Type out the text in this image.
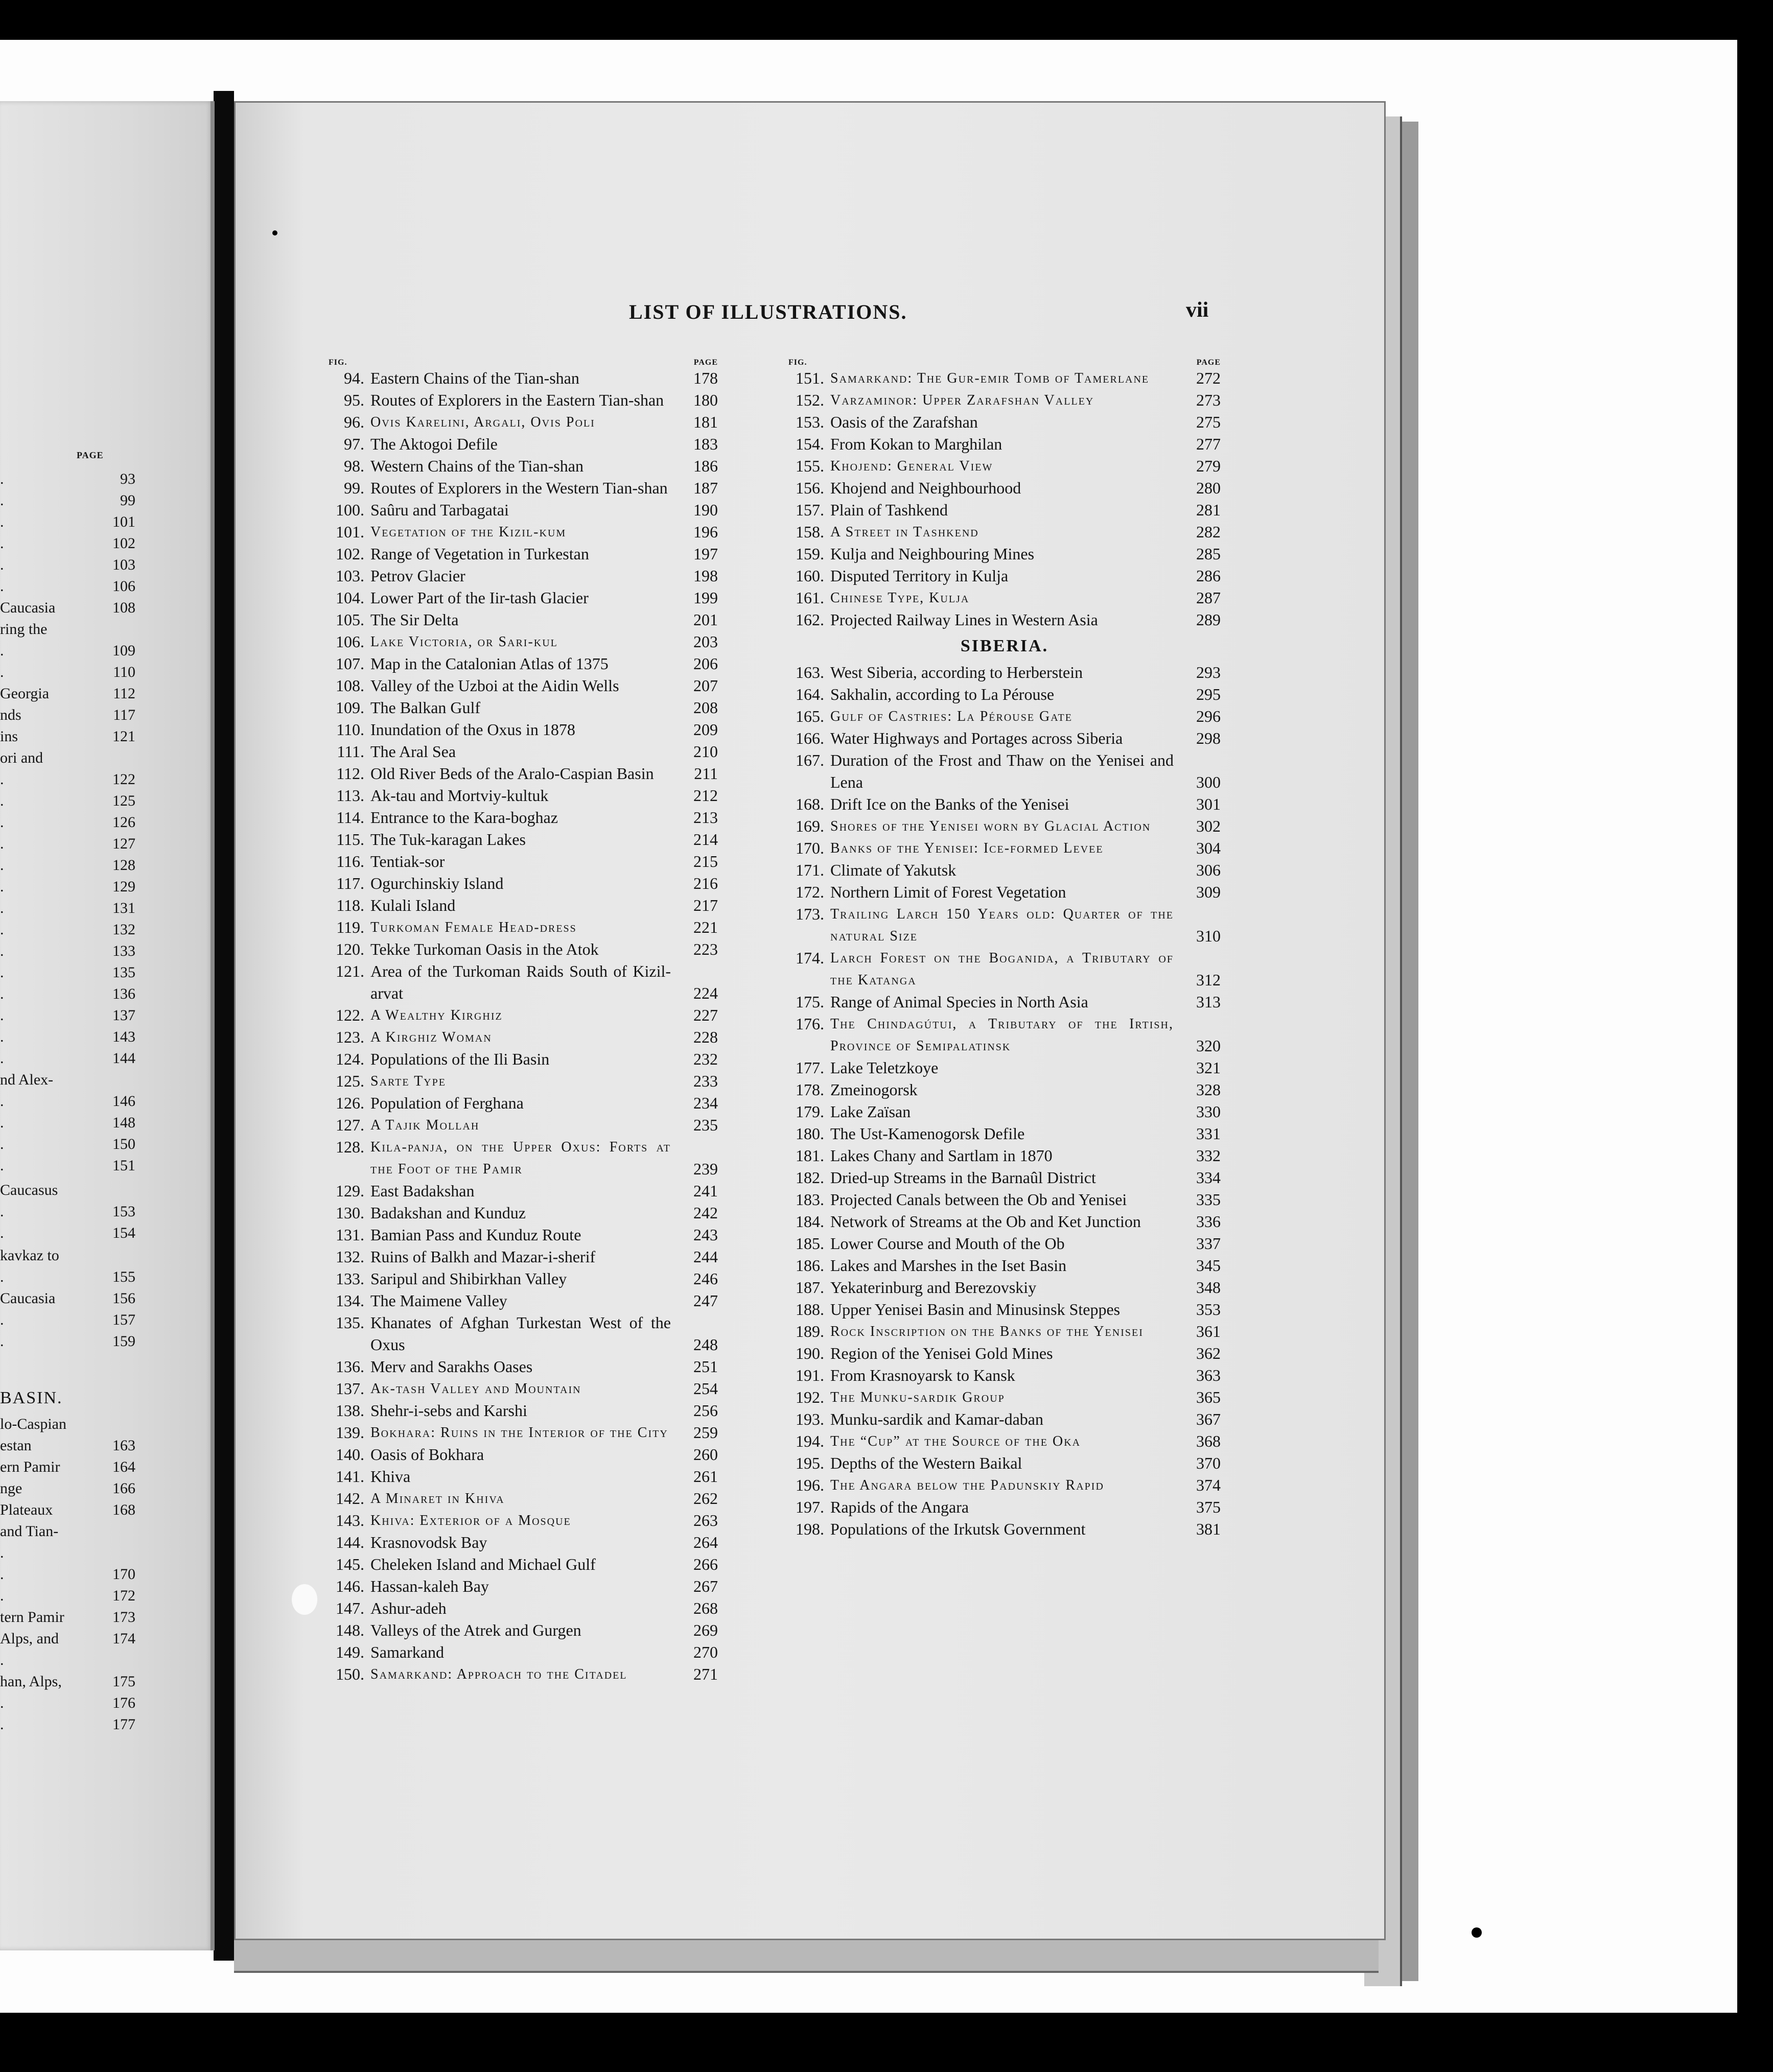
PAGE
.	93
.	99
.	101
.	102
.	103
.	106
Caucasia	108
ring the
.	109
.	110
Georgia	112
nds	117
ins	121
ori and
.	122
.	125
.	126
.	127
.	128
.	129
.	131
.	132
.	133
.	135
.	136
.	137
.	143
.	144
nd Alex-
.	146
.	148
.	150
.	151
Caucasus
.	153
.	154
kavkaz to
.	155
Caucasia	156
.	157
.	159
lo-Caspian
estan	163
ern Pamir	164
nge	166
Plateaux	168
and Tian-
.
.	170
.	172
tern Pamir	173
Alps, and	174
.
han, Alps,	175
.	176
.	177
BASIN.
LIST OF ILLUSTRATIONS.	vii
FIG.	PAGE
94. Eastern Chains of the Tian-shan	178
95. Routes of Explorers in the Eastern Tian-shan	180
96. Ovis Karelini, Argali, Ovis Poli	181
97. The Aktogoi Defile	183
98. Western Chains of the Tian-shan	186
99. Routes of Explorers in the Western Tian-shan 187
100. Saûru and Tarbagatai	190
101. Vegetation of the Kizil-kum	196
102. Range of Vegetation in Turkestan	197
103. Petrov Glacier	198
104. Lower Part of the Iir-tash Glacier	199
105. The Sir Delta	201
106. Lake Victoria, or Sari-kul	203
107. Map in the Catalonian Atlas of 1375	206
108. Valley of the Uzboi at the Aidin Wells	207
109. The Balkan Gulf	208
110. Inundation of the Oxus in 1878	209
111. The Aral Sea	210
112. Old River Beds of the Aralo-Caspian Basin	211
113. Ak-tau and Mortviy-kultuk	212
114. Entrance to the Kara-boghaz	213
115. The Tuk-karagan Lakes	214
116. Tentiak-sor	215
117. Ogurchinskiy Island	216
118. Kulali Island	217
119. Turkoman Female Head-dress	221
120. Tekke Turkoman Oasis in the Atok	223
121. Area of the Turkoman Raids South of Kizil-arvat	224
122. A Wealthy Kirghiz	227
123. A Kirghiz Woman	228
124. Populations of the Ili Basin	232
125. Sarte Type	233
126. Population of Ferghana	234
127. A Tajik Mollah	235
128. Kila-panja, on the Upper Oxus: Forts at the Foot of the Pamir	239
129. East Badakshan	241
130. Badakshan and Kunduz	242
131. Bamian Pass and Kunduz Route	243
132. Ruins of Balkh and Mazar-i-sherif	244
133. Saripul and Shibirkhan Valley	246
134. The Maimene Valley	247
135. Khanates of Afghan Turkestan West of the Oxus	248
136. Merv and Sarakhs Oases	251
137. Ak-tash Valley and Mountain	254
138. Shehr-i-sebs and Karshi	256
139. Bokhara: Ruins in the Interior of the City 259
140. Oasis of Bokhara	260
141. Khiva	261
142. A Minaret in Khiva	262
143. Khiva: Exterior of a Mosque	263
144. Krasnovodsk Bay	264
145. Cheleken Island and Michael Gulf	266
146. Hassan-kaleh Bay	267
147. Ashur-adeh	268
148. Valleys of the Atrek and Gurgen	269
149. Samarkand	270
150. Samarkand: Approach to the Citadel	271
FIG.	PAGE
151. Samarkand: The Gur-emir Tomb of Tamerlane	272
152. Varzaminor: Upper Zarafshan Valley	273
153. Oasis of the Zarafshan	275
154. From Kokan to Marghilan	277
155. Khojend: General View	279
156. Khojend and Neighbourhood	280
157. Plain of Tashkend	281
158. A Street in Tashkend	282
159. Kulja and Neighbouring Mines	285
160. Disputed Territory in Kulja	286
161. Chinese Type, Kulja	287
162. Projected Railway Lines in Western Asia	289
SIBERIA.
163. West Siberia, according to Herberstein	293
164. Sakhalin, according to La Pérouse	295
165. Gulf of Castries: La Pérouse Gate	296
166. Water Highways and Portages across Siberia	298
167. Duration of the Frost and Thaw on the Yenisei and Lena	300
168. Drift Ice on the Banks of the Yenisei	301
169. Shores of the Yenisei worn by Glacial Action	302
170. Banks of the Yenisei: Ice-formed Levee	304
171. Climate of Yakutsk	306
172. Northern Limit of Forest Vegetation	309
173. Trailing Larch 150 Years old: Quarter of the natural Size	310
174. Larch Forest on the Boganida, a Tributary of the Katanga	312
175. Range of Animal Species in North Asia	313
176. The Chindagútui, a Tributary of the Irtish, Province of Semipalatinsk	320
177. Lake Teletzkoye	321
178. Zmeinogorsk	328
179. Lake Zaïsan	330
180. The Ust-Kamenogorsk Defile	331
181. Lakes Chany and Sartlam in 1870	332
182. Dried-up Streams in the Barnaûl District	334
183. Projected Canals between the Ob and Yenisei	335
184. Network of Streams at the Ob and Ket Junction	336
185. Lower Course and Mouth of the Ob	337
186. Lakes and Marshes in the Iset Basin	345
187. Yekaterinburg and Berezovskiy	348
188. Upper Yenisei Basin and Minusinsk Steppes	353
189. Rock Inscription on the Banks of the Yenisei	361
190. Region of the Yenisei Gold Mines	362
191. From Krasnoyarsk to Kansk	363
192. The Munku-sardik Group	365
193. Munku-sardik and Kamar-daban	367
194. The “Cup” at the Source of the Oka	368
195. Depths of the Western Baikal	370
196. The Angara below the Padunskiy Rapid	374
197. Rapids of the Angara	375
198. Populations of the Irkutsk Government	381
